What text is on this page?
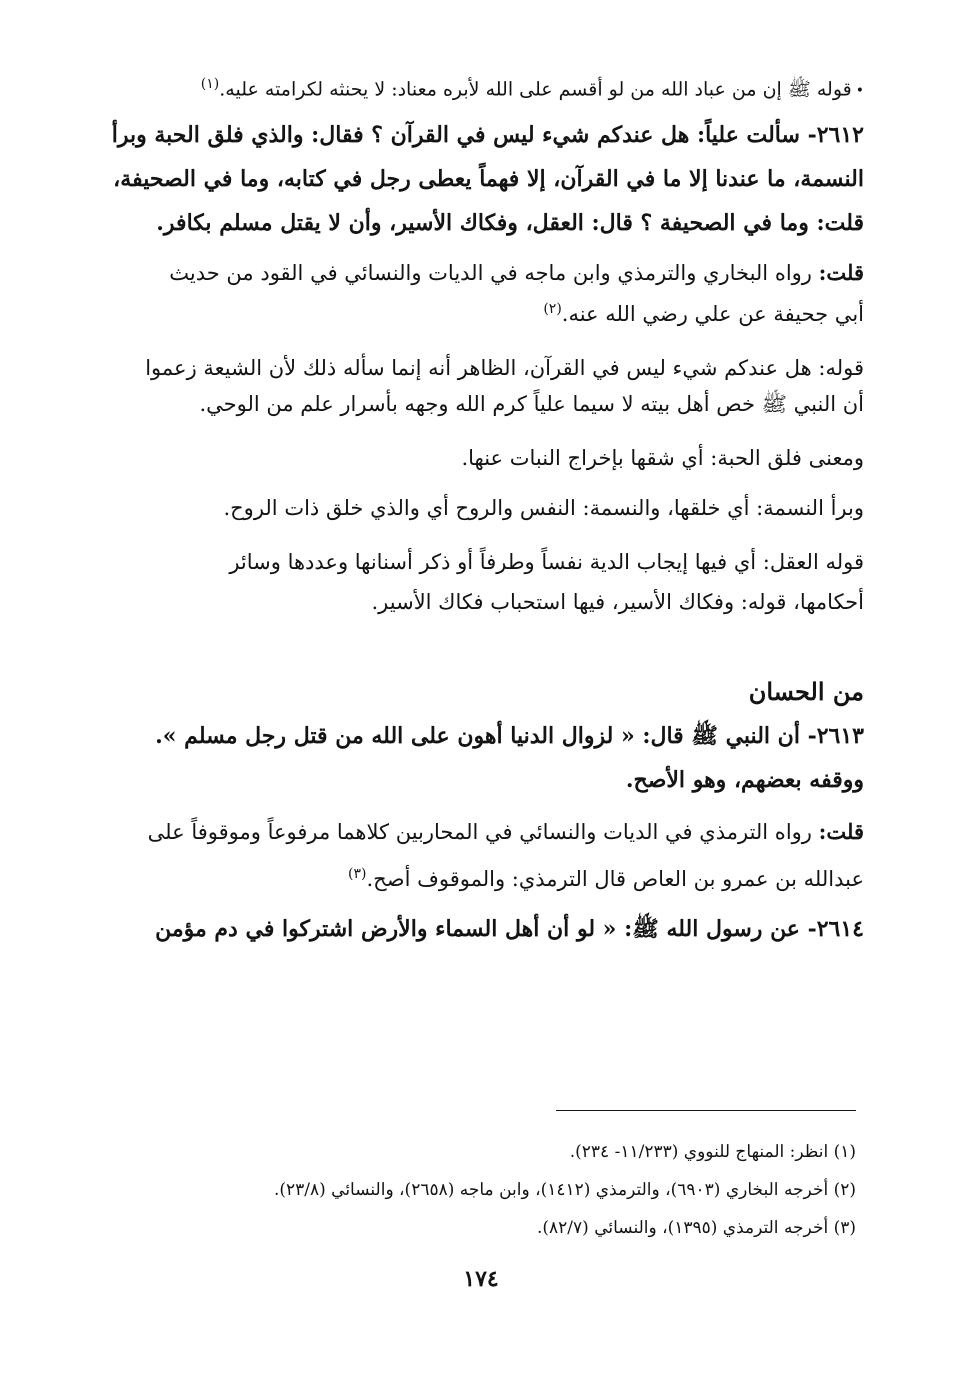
•قوله ﷺ إن من عباد الله من لو أقسم على الله لأبره معناد: لا يحنثه لكرامته عليه.$^{(١)}$

٢٦١٢- سألت علياً: هل عندكم شيء ليس في القرآن ؟ فقال: والذي فلق الحبة وبرأ

النسمة، ما عندنا إلا ما في القرآن، إلا فهماً يعطى رجل في كتابه، وما في الصحيفة،

قلت: وما في الصحيفة ؟ قال: العقل، وفكاك الأسير، وأن لا يقتل مسلم بكافر.

قلت: رواه البخاري والترمذي وابن ماجه في الديات والنسائي في القود من حديث

أبي جحيفة عن علي رضي الله عنه.$^{(٢)}$

قوله: هل عندكم شيء ليس في القرآن، الظاهر أنه إنما سأله ذلك لأن الشيعة زعموا

أن النبي ﷺ خص أهل بيته لا سيما علياً كرم الله وجهه بأسرار علم من الوحي.

ومعنى فلق الحبة: أي شقها بإخراج النبات عنها.

وبرأ النسمة: أي خلقها، والنسمة: النفس والروح أي والذي خلق ذات الروح.

قوله العقل: أي فيها إيجاب الدية نفساً وطرفاً أو ذكر أسنانها وعددها وسائر

أحكامها، قوله: وفكاك الأسير، فيها استحباب فكاك الأسير.

من الحسان

٢٦١٣- أن النبي ﷺ قال: « لزوال الدنيا أهون على الله من قتل رجل مسلم ».

ووقفه بعضهم، وهو الأصح.

قلت: رواه الترمذي في الديات والنسائي في المحاربين كلاهما مرفوعاً وموقوفاً على

عبدالله بن عمرو بن العاص قال الترمذي: والموقوف أصح.$^{(٣)}$

٢٦١٤- عن رسول الله ﷺ: « لو أن أهل السماء والأرض اشتركوا في دم مؤمن

(١) انظر: المنهاج للنووي (١١/٢٣٣- ٢٣٤).

(٢) أخرجه البخاري (٦٩٠٣)، والترمذي (١٤١٢)، وابن ماجه (٢٦٥٨)، والنسائي (٢٣/٨).

(٣) أخرجه الترمذي (١٣٩٥)، والنسائي (٨٢/٧).

١٧٤
